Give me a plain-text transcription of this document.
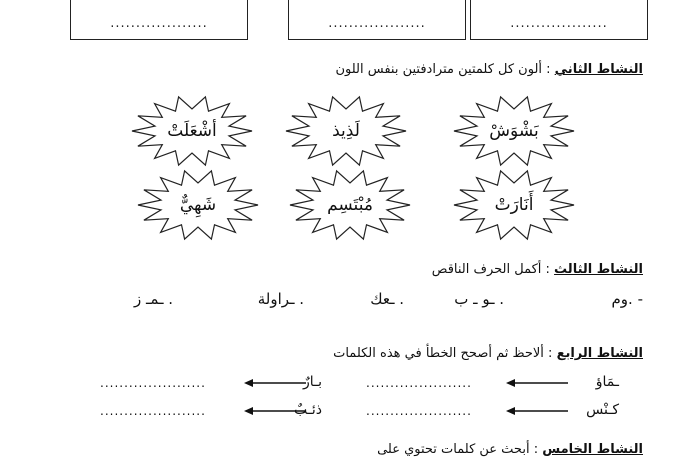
...................	...................	...................
النشاط الثاني : ألون كل كلمتين مترادفتين بنفس اللون
بَشْوَشْ
لَذِيذ
أشْعَلَتْ
أَنَارَتْ
مُبْتَسِم
شَهِيٌّ
النشاط الثالث : أكمل الحرف الناقص
- .وم
. ـو ـ ب
. ـعك
. ـراولة
. ـمـ ز
النشاط الرابع : ألاحظ ثم أصحح الخطأ في هذه الكلمات
ـمَاؤ
......................
بـارٌ
......................
كـنْس
......................
ذئـبٌ
......................
النشاط الخامس : أبحث عن كلمات تحتوي على
